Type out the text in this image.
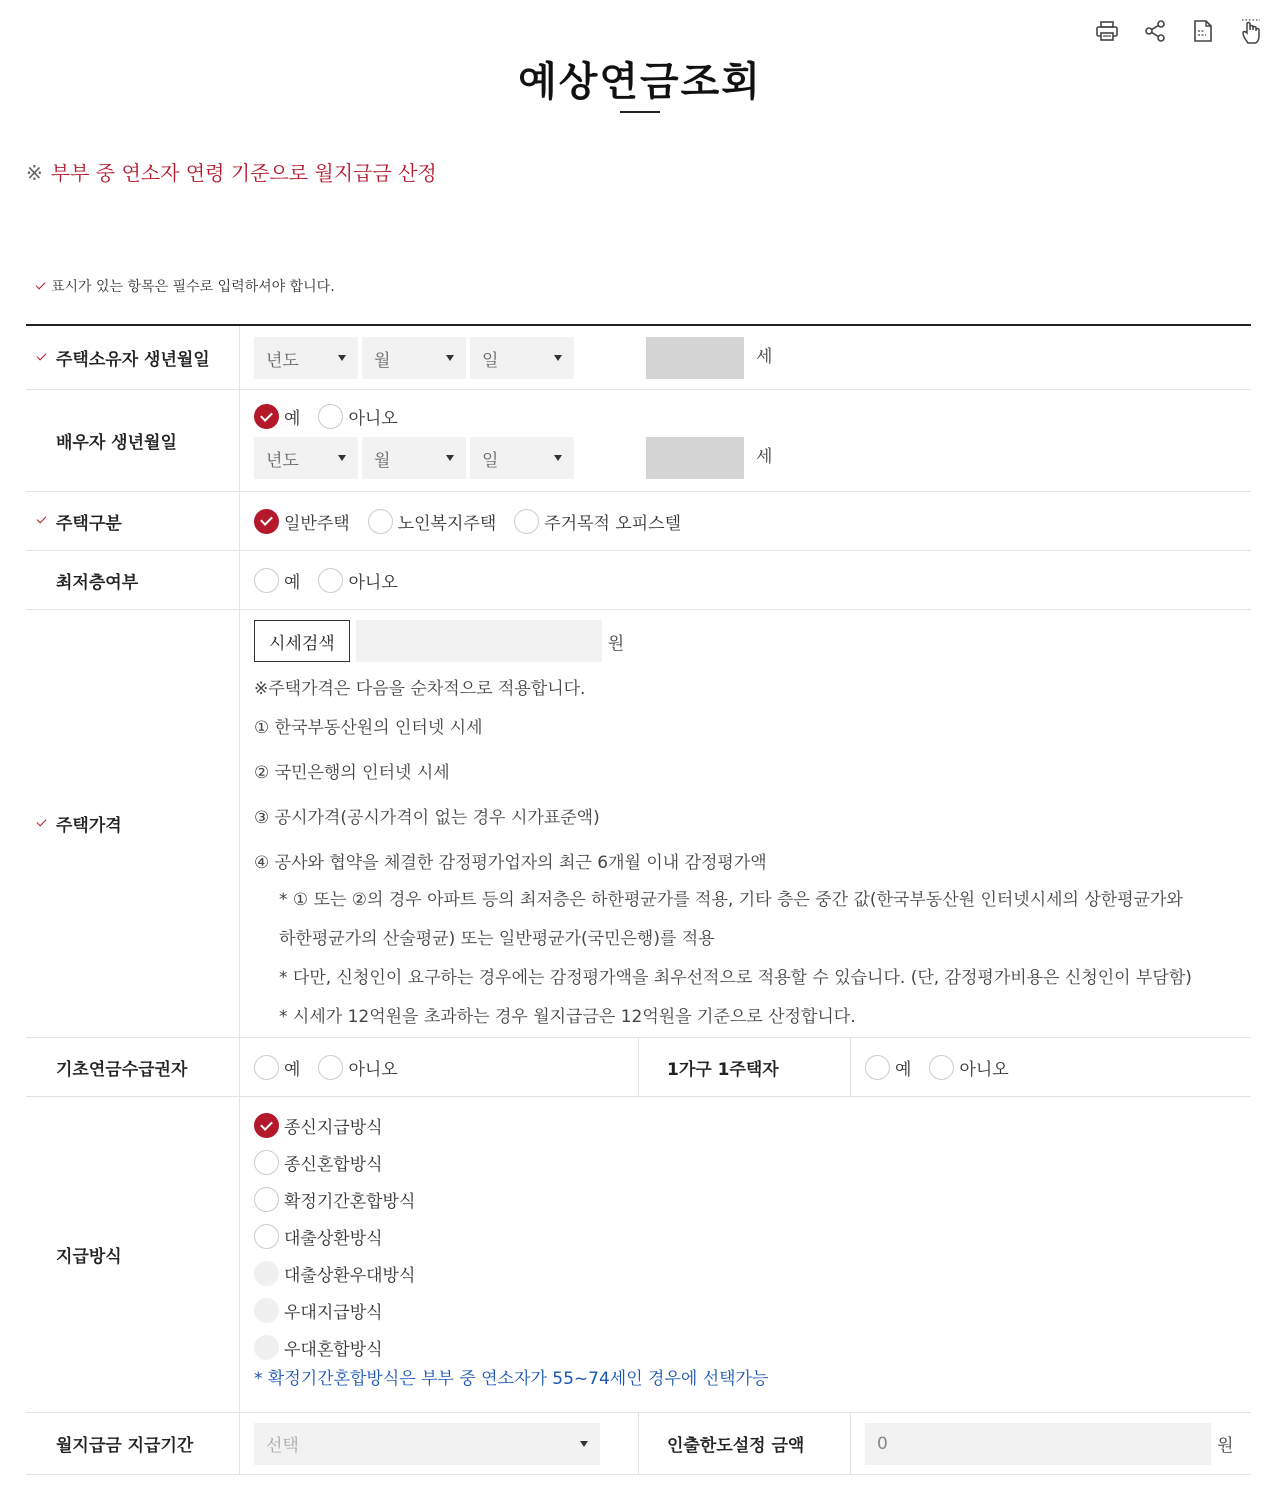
예상연금조회
※ 부부 중 연소자 연령 기준으로 월지급금 산정
표시가 있는 항목은 필수로 입력하셔야 합니다.
주택소유자 생년월일	년도	월	일	세
배우자 생년월일
예	아니오
년도	월	일	세
주택구분	일반주택	노인복지주택	주거목적 오피스텔
최저층여부	예	아니오
주택가격
시세검색	원
※주택가격은 다음을 순차적으로 적용합니다.
① 한국부동산원의 인터넷 시세
② 국민은행의 인터넷 시세
③ 공시가격(공시가격이 없는 경우 시가표준액)
④ 공사와 협약을 체결한 감정평가업자의 최근 6개월 이내 감정평가액
* ① 또는 ②의 경우 아파트 등의 최저층은 하한평균가를 적용, 기타 층은 중간 값(한국부동산원 인터넷시세의 상한평균가와
하한평균가의 산술평균) 또는 일반평균가(국민은행)를 적용
* 다만, 신청인이 요구하는 경우에는 감정평가액을 최우선적으로 적용할 수 있습니다. (단, 감정평가비용은 신청인이 부담함)
* 시세가 12억원을 초과하는 경우 월지급금은 12억원을 기준으로 산정합니다.
기초연금수급권자	예	아니오	1가구 1주택자	예	아니오
지급방식
종신지급방식
종신혼합방식
확정기간혼합방식
대출상환방식
대출상환우대방식
우대지급방식
우대혼합방식
* 확정기간혼합방식은 부부 중 연소자가 55~74세인 경우에 선택가능
월지급금 지급기간	선택	인출한도설정 금액	0	원
